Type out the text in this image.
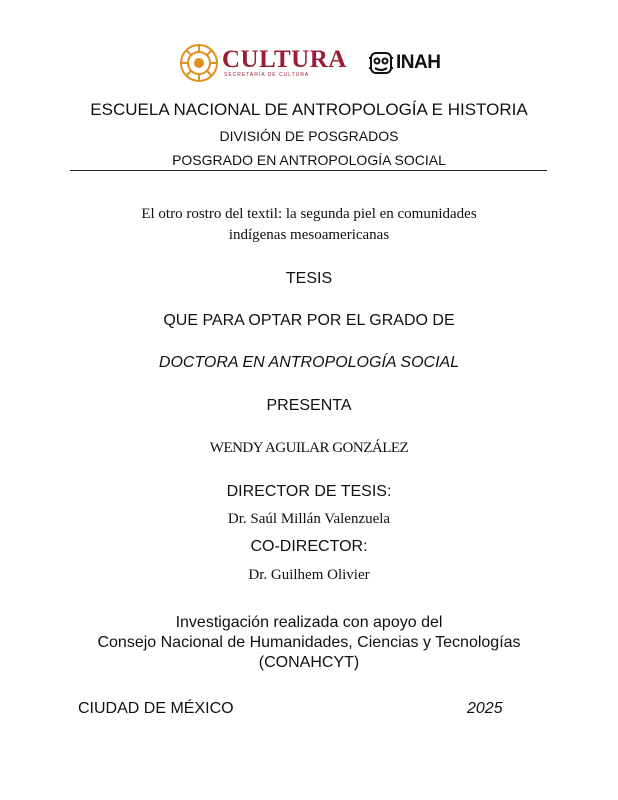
CULTURA
SECRETARÍA DE CULTURA
INAH
ESCUELA NACIONAL DE ANTROPOLOGÍA E HISTORIA
DIVISIÓN DE POSGRADOS
POSGRADO EN ANTROPOLOGÍA SOCIAL
El otro rostro del textil: la segunda piel en comunidades
indígenas mesoamericanas
TESIS
QUE PARA OPTAR POR EL GRADO DE
DOCTORA EN ANTROPOLOGÍA SOCIAL
PRESENTA
WENDY AGUILAR GONZÁLEZ
DIRECTOR DE TESIS:
Dr. Saúl Millán Valenzuela
CO-DIRECTOR:
Dr. Guilhem Olivier
Investigación realizada con apoyo del
Consejo Nacional de Humanidades, Ciencias y Tecnologías
(CONAHCYT)
CIUDAD DE MÉXICO	2025
